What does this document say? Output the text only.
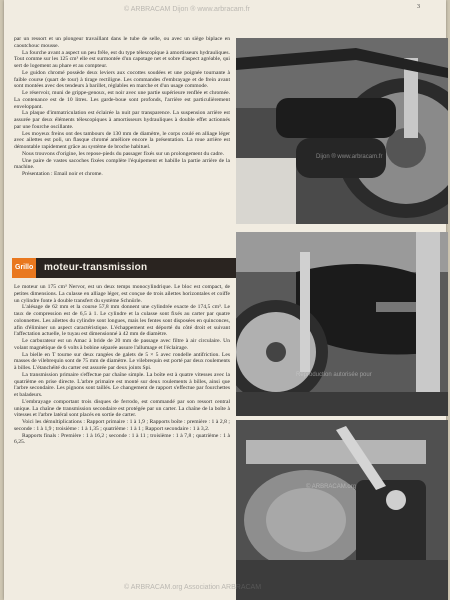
© ARBRACAM Dijon ® www.arbracam.fr	3

par un ressort et un plongeur travaillant dans le tube de selle, ou avec un siège biplace en caoutchouc mousse.

La fourche avant a aspect un peu frêle, est du type télescopique à amortisseurs hydrauliques. Tout comme sur les 125 cm³ elle est surmontée d'un capotage net et sobre d'aspect agréable, qui sert de logement au phare et au compteur.

Le guidon chromé possède deux leviers aux cocottes soudées et une poignée tournante à faible course (quart de tour) à tirage rectiligne. Les commandes d'embrayage et de frein avant sont montées avec des tendeurs à barillet, réglables en marche et d'un usage commode.

Le réservoir, muni de grippe-genoux, est noir avec une partie supérieure renflée et chromée. La contenance est de 10 litres. Les garde-boue sont profonds, l'arrière est particulièrement enveloppant.

La plaque d'immatriculation est éclairée la nuit par transparence. La suspension arrière est assurée par deux éléments télescopiques à amortisseurs hydrauliques à double effet actionnés par une fourche oscillante.

Les moyeux freins ont des tambours de 130 mm de diamètre, le corps coulé en alliage léger avec ailettes est poli, un flasque chromé améliore encore la présentation. La roue arrière est démontable rapidement grâce au système de broche habituel.

Nous trouvons d'origine, les repose-pieds du passager fixés sur un prolongement du cadre.

Une paire de vastes sacoches fixées complète l'équipement et habille la partie arrière de la machine.

Présentation : Email noir et chrome.

Grillo moteur-transmission

Le moteur un 175 cm³ Nervor, est un deux temps monocylindrique. Le bloc est compact, de petites dimensions. La culasse en alliage léger, est conçue de trois ailettes horizontales et coiffe un cylindre fonte à double transfert du système Schnürle.

L'alésage de 62 mm et la course 57,8 mm donnent une cylindrée exacte de 174,5 cm³. Le taux de compression est de 6,5 à 1. Le cylindre et la culasse sont fixés au carter par quatre colonnettes. Les ailettes du cylindre sont longues, mais les fentes sont disposées en quinconces, afin d'éliminer un aspect caractéristique. L'échappement est déporté du côté droit et suivant l'affectation actuelle, le tuyau est dimensionné à 42 mm de diamètre.

Le carburateur est un Amac à bride de 20 mm de passage avec filtre à air circulaire. Un volant magnétique de 6 volts à bobine séparée assure l'allumage et l'éclairage.

La bielle en T tourne sur deux rangées de galets de 5 × 5 avec rondelle antifriction. Les masses de vilebrequin sont de 75 mm de diamètre. Le vilebrequin est porté par deux roulements à billes. L'étanchéité du carter est assurée par deux joints Spi.

La transmission primaire s'effectue par chaîne simple. La boîte est à quatre vitesses avec la quatrième en prise directe. L'arbre primaire est monté sur deux roulements à billes, ainsi que l'arbre secondaire. Les pignons sont taillés. Le changement de rapport s'effectue par fourchettes et baladeurs.

L'embrayage comportant trois disques de ferrodo, est commandé par son ressort central unique. La chaîne de transmission secondaire est protégée par un carter. La chaîne de la boîte à vitesses et l'arbre latéral sont placés en sortie de carter.

Voici les démultiplications : Rapport primaire : 1 à 1,9 ; Rapports boîte : première : 1 à 2,8 ; seconde : 1 à 1,9 ; troisième : 1 à 1,35 ; quatrième : 1 à 1 ; Rapport secondaire : 1 à 3,2.

Rapports finals : Première : 1 à 16,2 ; seconde : 1 à 11 ; troisième : 1 à 7,8 ; quatrième : 1 à 6,25.

Dijon ® www.arbracam.fr
Reproduction autorisée pour
© ARBRACAM.org
© ARBRACAM.org Association ARBRACAM
